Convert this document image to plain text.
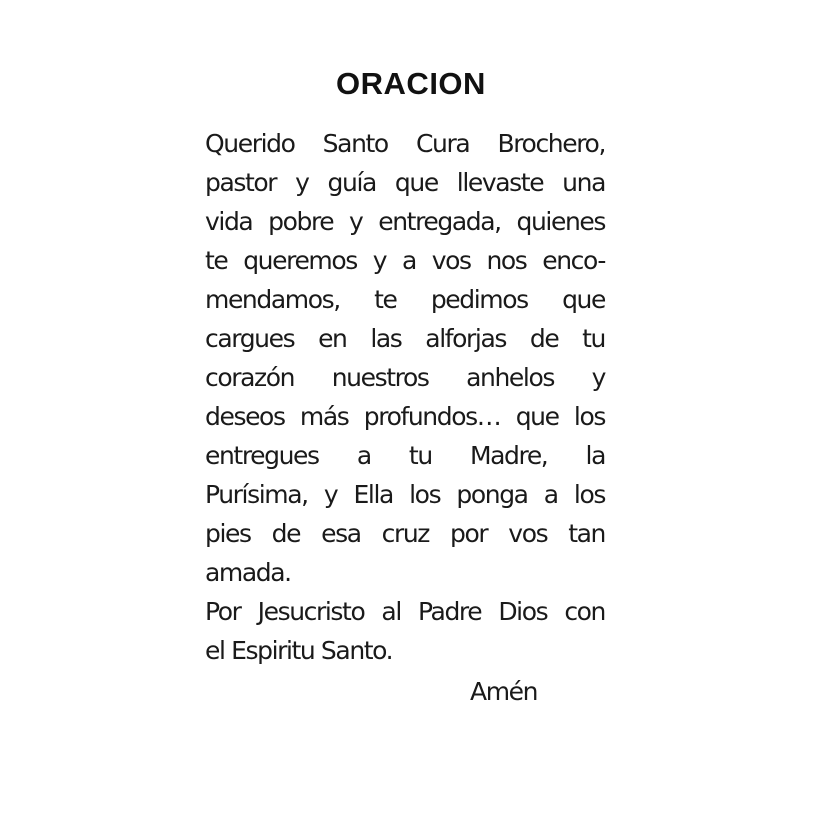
ORACION
Querido Santo Cura Brochero,
pastor y guía que llevaste una
vida pobre y entregada, quienes
te queremos y a vos nos enco-
mendamos, te pedimos que
cargues en las alforjas de tu
corazón nuestros anhelos y
deseos más profundos… que los
entregues a tu Madre, la
Purísima, y Ella los ponga a los
pies de esa cruz por vos tan
amada.
Por Jesucristo al Padre Dios con
el Espiritu Santo.
Amén
